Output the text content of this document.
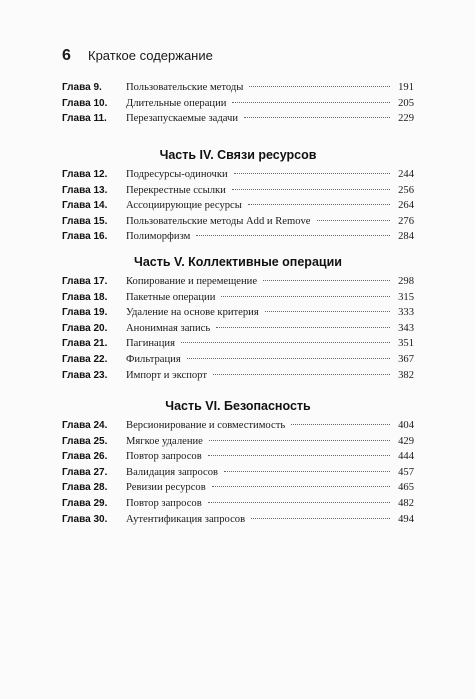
6	Краткое содержание
Глава 9.	Пользовательские методы	191
Глава 10.	Длительные операции	205
Глава 11.	Перезапускаемые задачи	229
Часть IV. Связи ресурсов
Глава 12.	Подресурсы-одиночки	244
Глава 13.	Перекрестные ссылки	256
Глава 14.	Ассоциирующие ресурсы	264
Глава 15.	Пользовательские методы Add и Remove	276
Глава 16.	Полиморфизм	284
Часть V. Коллективные операции
Глава 17.	Копирование и перемещение	298
Глава 18.	Пакетные операции	315
Глава 19.	Удаление на основе критерия	333
Глава 20.	Анонимная запись	343
Глава 21.	Пагинация	351
Глава 22.	Фильтрация	367
Глава 23.	Импорт и экспорт	382
Часть VI. Безопасность
Глава 24.	Версионирование и совместимость	404
Глава 25.	Мягкое удаление	429
Глава 26.	Повтор запросов	444
Глава 27.	Валидация запросов	457
Глава 28.	Ревизии ресурсов	465
Глава 29.	Повтор запросов	482
Глава 30.	Аутентификация запросов	494
